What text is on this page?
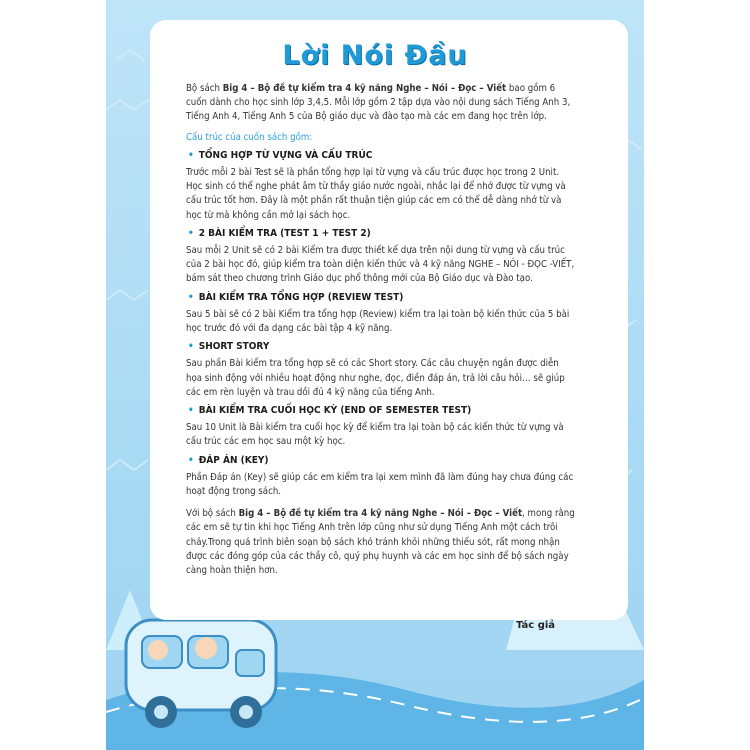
Lời Nói Đầu

Bộ sách Big 4 – Bộ đề tự kiểm tra 4 kỹ năng Nghe – Nói – Đọc – Viết bao gồm 6 cuốn dành cho học sinh lớp 3,4,5. Mỗi lớp gồm 2 tập dựa vào nội dung sách Tiếng Anh 3, Tiếng Anh 4, Tiếng Anh 5 của Bộ giáo dục và đào tạo mà các em đang học trên lớp.

Cấu trúc của cuốn sách gồm:

• TỔNG HỢP TỪ VỰNG VÀ CẤU TRÚC

Trước mỗi 2 bài Test sẽ là phần tổng hợp lại từ vựng và cấu trúc được học trong 2 Unit. Học sinh có thể nghe phát âm từ thầy giáo nước ngoài, nhắc lại để nhớ được từ vựng và cấu trúc tốt hơn. Đây là một phần rất thuận tiện giúp các em có thể dễ dàng nhớ từ và học từ mà không cần mở lại sách học.

• 2 BÀI KIỂM TRA (TEST 1 + TEST 2)

Sau mỗi 2 Unit sẽ có 2 bài Kiểm tra được thiết kế dựa trên nội dung từ vựng và cấu trúc của 2 bài học đó, giúp kiểm tra toàn diện kiến thức và 4 kỹ năng NGHE – NÓI - ĐỌC -VIẾT, bám sát theo chương trình Giáo dục phổ thông mới của Bộ Giáo dục và Đào tạo.

• BÀI KIỂM TRA TỔNG HỢP (REVIEW TEST)

Sau 5 bài sẽ có 2 bài Kiểm tra tổng hợp (Review) kiểm tra lại toàn bộ kiến thức của 5 bài học trước đó với đa dạng các bài tập 4 kỹ năng.

• SHORT STORY

Sau phần Bài kiểm tra tổng hợp sẽ có các Short story. Các câu chuyện ngắn được diễn họa sinh động với nhiều hoạt động như nghe, đọc, điền đáp án, trả lời câu hỏi… sẽ giúp các em rèn luyện và trau dồi đủ 4 kỹ năng của tiếng Anh.

• BÀI KIỂM TRA CUỐI HỌC KỲ (END OF SEMESTER TEST)

Sau 10 Unit là Bài kiểm tra cuối học kỳ để kiểm tra lại toàn bộ các kiến thức từ vựng và cấu trúc các em học sau một kỳ học.

• ĐÁP ÁN (KEY)

Phần Đáp án (Key) sẽ giúp các em kiểm tra lại xem mình đã làm đúng hay chưa đúng các hoạt động trong sách.

Với bộ sách Big 4 – Bộ đề tự kiểm tra 4 kỹ năng Nghe – Nói – Đọc – Viết, mong rằng các em sẽ tự tin khi học Tiếng Anh trên lớp cũng như sử dụng Tiếng Anh một cách trôi chảy.Trong quá trình biên soạn bộ sách khó tránh khỏi những thiếu sót, rất mong nhận được các đóng góp của các thầy cô, quý phụ huynh và các em học sinh để bộ sách ngày càng hoàn thiện hơn.

Tác giả
